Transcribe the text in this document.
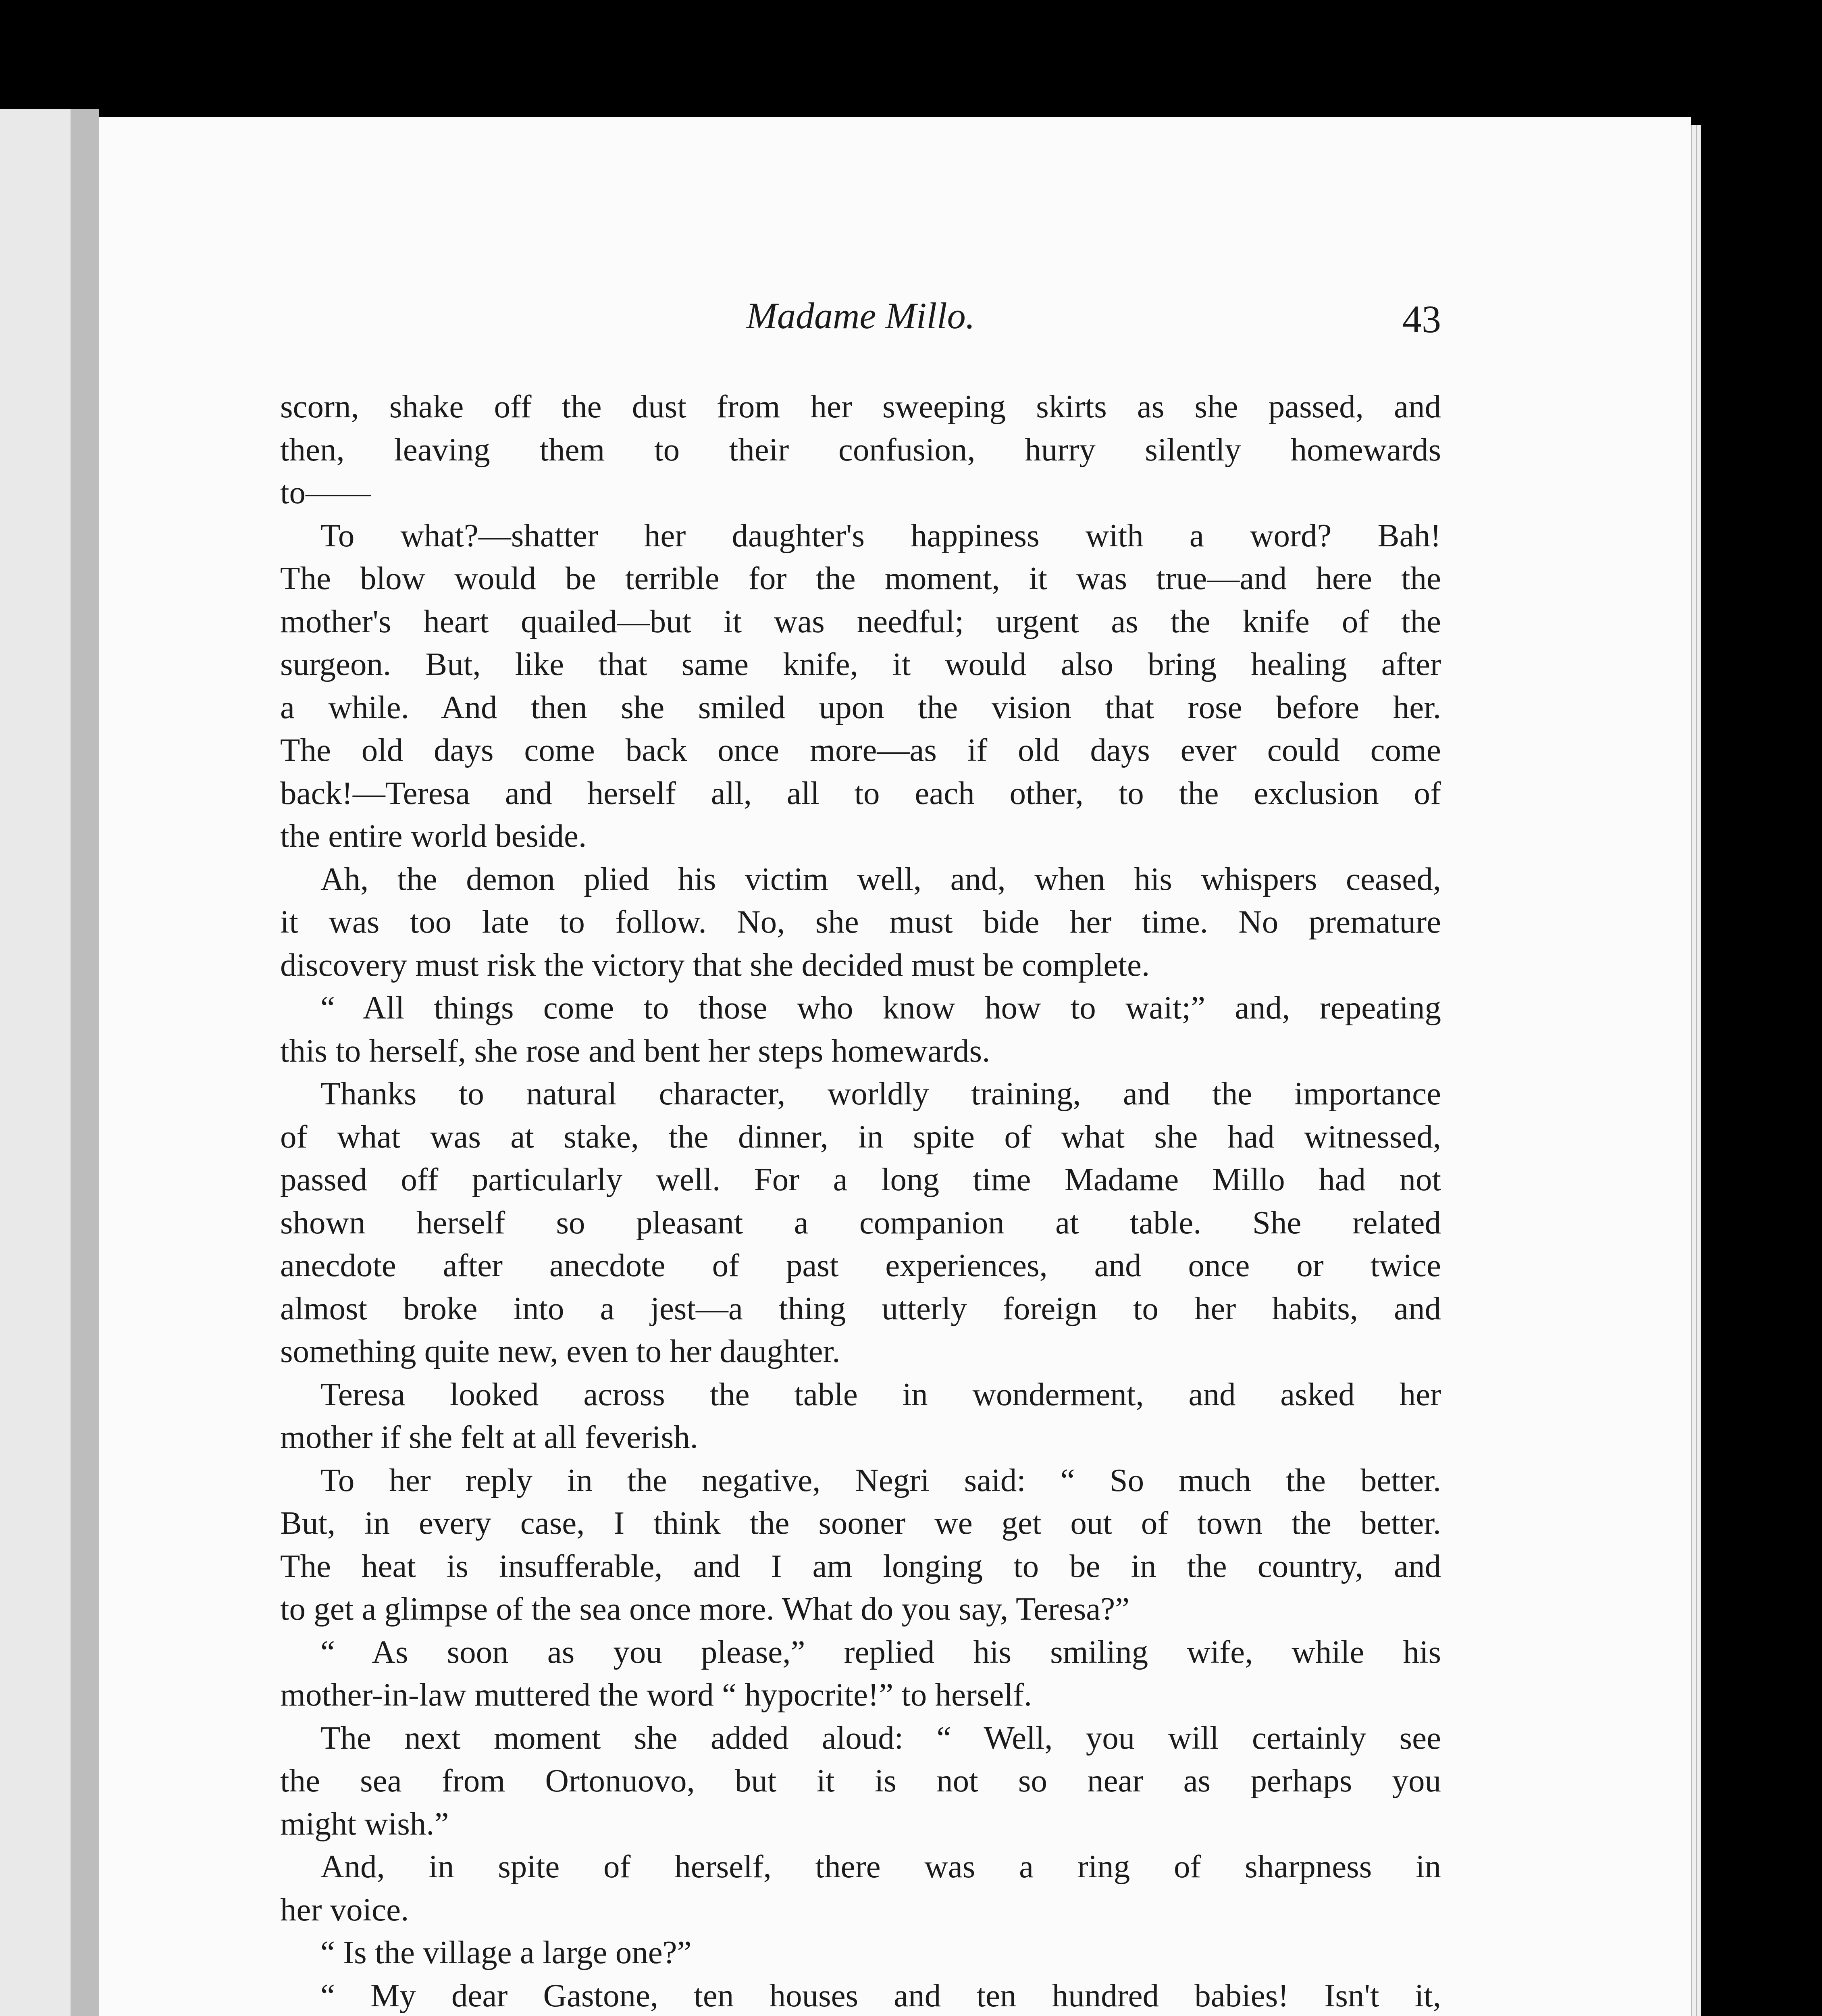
Madame Millo.	43
scorn, shake off the dust from her sweeping skirts as she passed, and
then, leaving them to their confusion, hurry silently homewards
to——
To what?—shatter her daughter's happiness with a word? Bah!
The blow would be terrible for the moment, it was true—and here the
mother's heart quailed—but it was needful; urgent as the knife of the
surgeon. But, like that same knife, it would also bring healing after
a while. And then she smiled upon the vision that rose before her.
The old days come back once more—as if old days ever could come
back!—Teresa and herself all, all to each other, to the exclusion of
the entire world beside.
Ah, the demon plied his victim well, and, when his whispers ceased,
it was too late to follow. No, she must bide her time. No premature
discovery must risk the victory that she decided must be complete.
“ All things come to those who know how to wait;” and, repeating
this to herself, she rose and bent her steps homewards.
Thanks to natural character, worldly training, and the importance
of what was at stake, the dinner, in spite of what she had witnessed,
passed off particularly well. For a long time Madame Millo had not
shown herself so pleasant a companion at table. She related
anecdote after anecdote of past experiences, and once or twice
almost broke into a jest—a thing utterly foreign to her habits, and
something quite new, even to her daughter.
Teresa looked across the table in wonderment, and asked her
mother if she felt at all feverish.
To her reply in the negative, Negri said: “ So much the better.
But, in every case, I think the sooner we get out of town the better.
The heat is insufferable, and I am longing to be in the country, and
to get a glimpse of the sea once more. What do you say, Teresa?”
“ As soon as you please,” replied his smiling wife, while his
mother-in-law muttered the word “ hypocrite!” to herself.
The next moment she added aloud: “ Well, you will certainly see
the sea from Ortonuovo, but it is not so near as perhaps you
might wish.”
And, in spite of herself, there was a ring of sharpness in
her voice.
“ Is the village a large one?”
“ My dear Gastone, ten houses and ten hundred babies! Isn't it,
